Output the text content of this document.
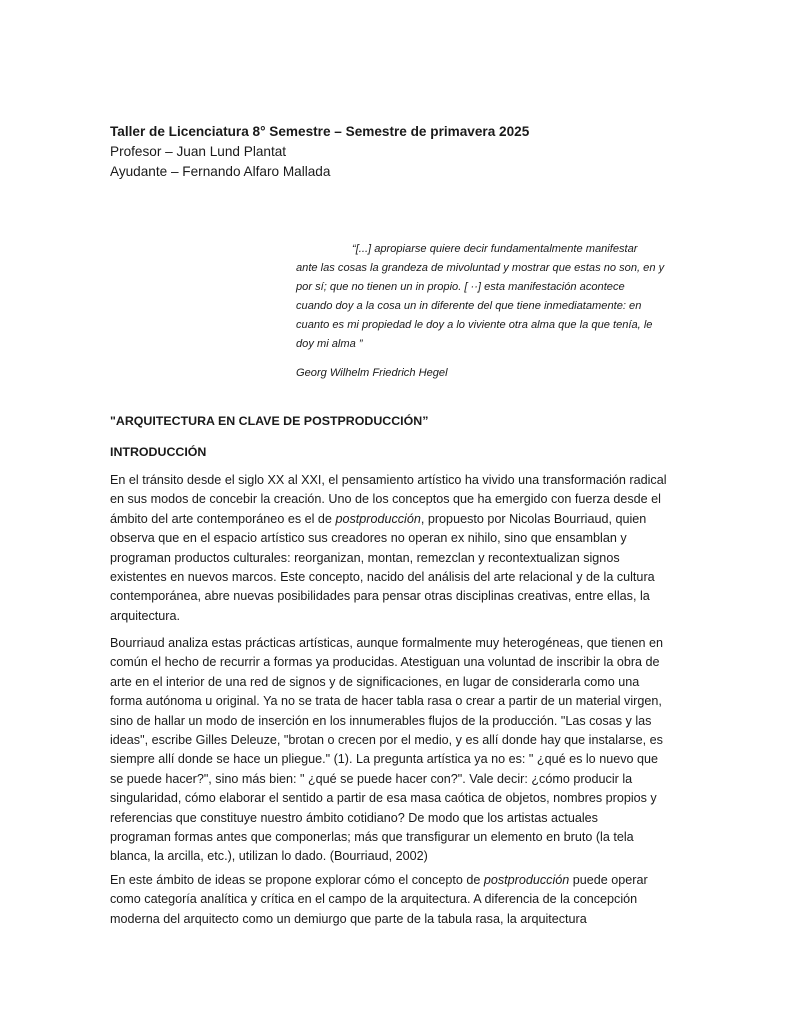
Taller de Licenciatura 8° Semestre – Semestre de primavera 2025
Profesor – Juan Lund Plantat
Ayudante – Fernando Alfaro Mallada
“[...] apropiarse quiere decir fundamentalmente manifestar
ante las cosas la grandeza de mivoluntad y mostrar que estas no son, en y
por sí; que no tienen un in propio. [ ··] esta manifestación acontece
cuando doy a la cosa un in diferente del que tiene inmediatamente: en
cuanto es mi propiedad le doy a lo viviente otra alma que la que tenía, le
doy mi alma ”
Georg Wilhelm Friedrich Hegel
"ARQUITECTURA EN CLAVE DE POSTPRODUCCIÓN”
INTRODUCCIÓN
En el tránsito desde el siglo XX al XXI, el pensamiento artístico ha vivido una transformación radical
en sus modos de concebir la creación. Uno de los conceptos que ha emergido con fuerza desde el
ámbito del arte contemporáneo es el de postproducción, propuesto por Nicolas Bourriaud, quien
observa que en el espacio artístico sus creadores no operan ex nihilo, sino que ensamblan y
programan productos culturales: reorganizan, montan, remezclan y recontextualizan signos
existentes en nuevos marcos. Este concepto, nacido del análisis del arte relacional y de la cultura
contemporánea, abre nuevas posibilidades para pensar otras disciplinas creativas, entre ellas, la
arquitectura.
Bourriaud analiza estas prácticas artísticas, aunque formalmente muy heterogéneas, que tienen en
común el hecho de recurrir a formas ya producidas. Atestiguan una voluntad de inscribir la obra de
arte en el interior de una red de signos y de significaciones, en lugar de considerarla como una
forma autónoma u original. Ya no se trata de hacer tabla rasa o crear a partir de un material virgen,
sino de hallar un modo de inserción en los innumerables flujos de la producción. "Las cosas y las
ideas", escribe Gilles Deleuze, "brotan o crecen por el medio, y es allí donde hay que instalarse, es
siempre allí donde se hace un pliegue." (1). La pregunta artística ya no es: " ¿qué es lo nuevo que
se puede hacer?", sino más bien: " ¿qué se puede hacer con?". Vale decir: ¿cómo producir la
singularidad, cómo elaborar el sentido a partir de esa masa caótica de objetos, nombres propios y
referencias que constituye nuestro ámbito cotidiano? De modo que los artistas actuales
programan formas antes que componerlas; más que transfigurar un elemento en bruto (la tela
blanca, la arcilla, etc.), utilizan lo dado. (Bourriaud, 2002)
En este ámbito de ideas se propone explorar cómo el concepto de postproducción puede operar
como categoría analítica y crítica en el campo de la arquitectura. A diferencia de la concepción
moderna del arquitecto como un demiurgo que parte de la tabula rasa, la arquitectura
